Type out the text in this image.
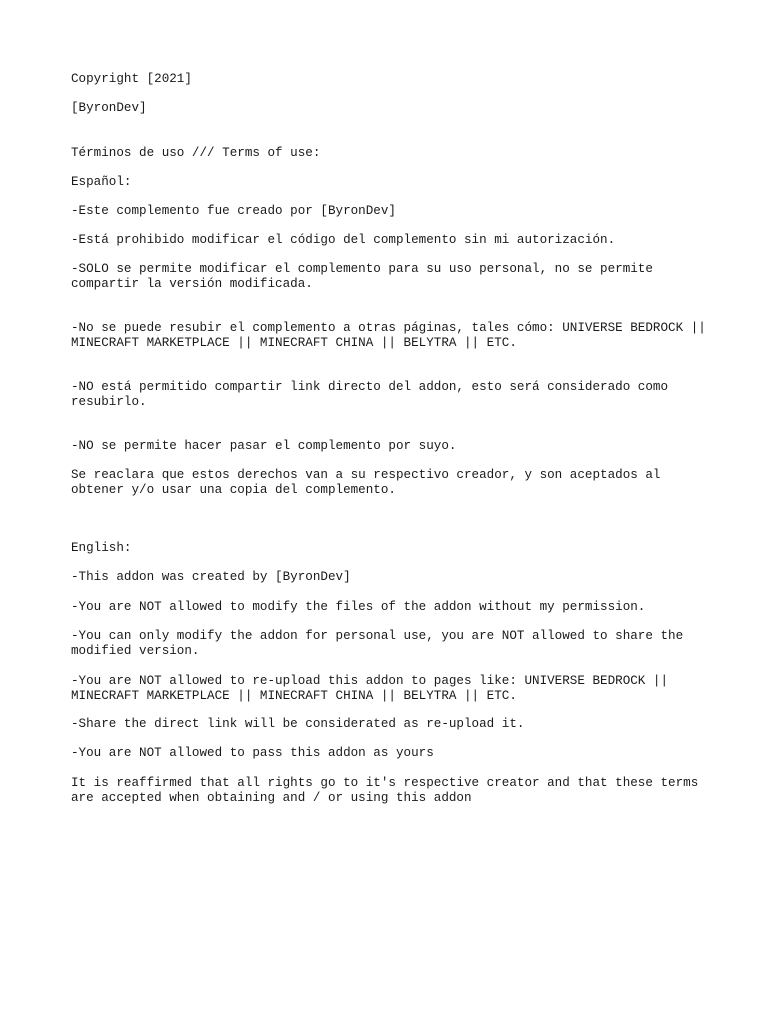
Copyright [2021]

[ByronDev]

Términos de uso /// Terms of use:

Español:

-Este complemento fue creado por [ByronDev]

-Está prohibido modificar el código del complemento sin mi autorización.

-SOLO se permite modificar el complemento para su uso personal, no se permite compartir la versión modificada.

-No se puede resubir el complemento a otras páginas, tales cómo: UNIVERSE BEDROCK || MINECRAFT MARKETPLACE || MINECRAFT CHINA || BELYTRA || ETC.

-NO está permitido compartir link directo del addon, esto será considerado como resubirlo.

-NO se permite hacer pasar el complemento por suyo.

Se reaclara que estos derechos van a su respectivo creador, y son aceptados al obtener y/o usar una copia del complemento.

English:

-This addon was created by [ByronDev]

-You are NOT allowed to modify the files of the addon without my permission.

-You can only modify the addon for personal use, you are NOT allowed to share the modified version.

-You are NOT allowed to re-upload this addon to pages like: UNIVERSE BEDROCK || MINECRAFT MARKETPLACE || MINECRAFT CHINA || BELYTRA || ETC.

-Share the direct link will be considerated as re-upload it.

-You are NOT allowed to pass this addon as yours

It is reaffirmed that all rights go to it's respective creator and that these terms are accepted when obtaining and / or using this addon
